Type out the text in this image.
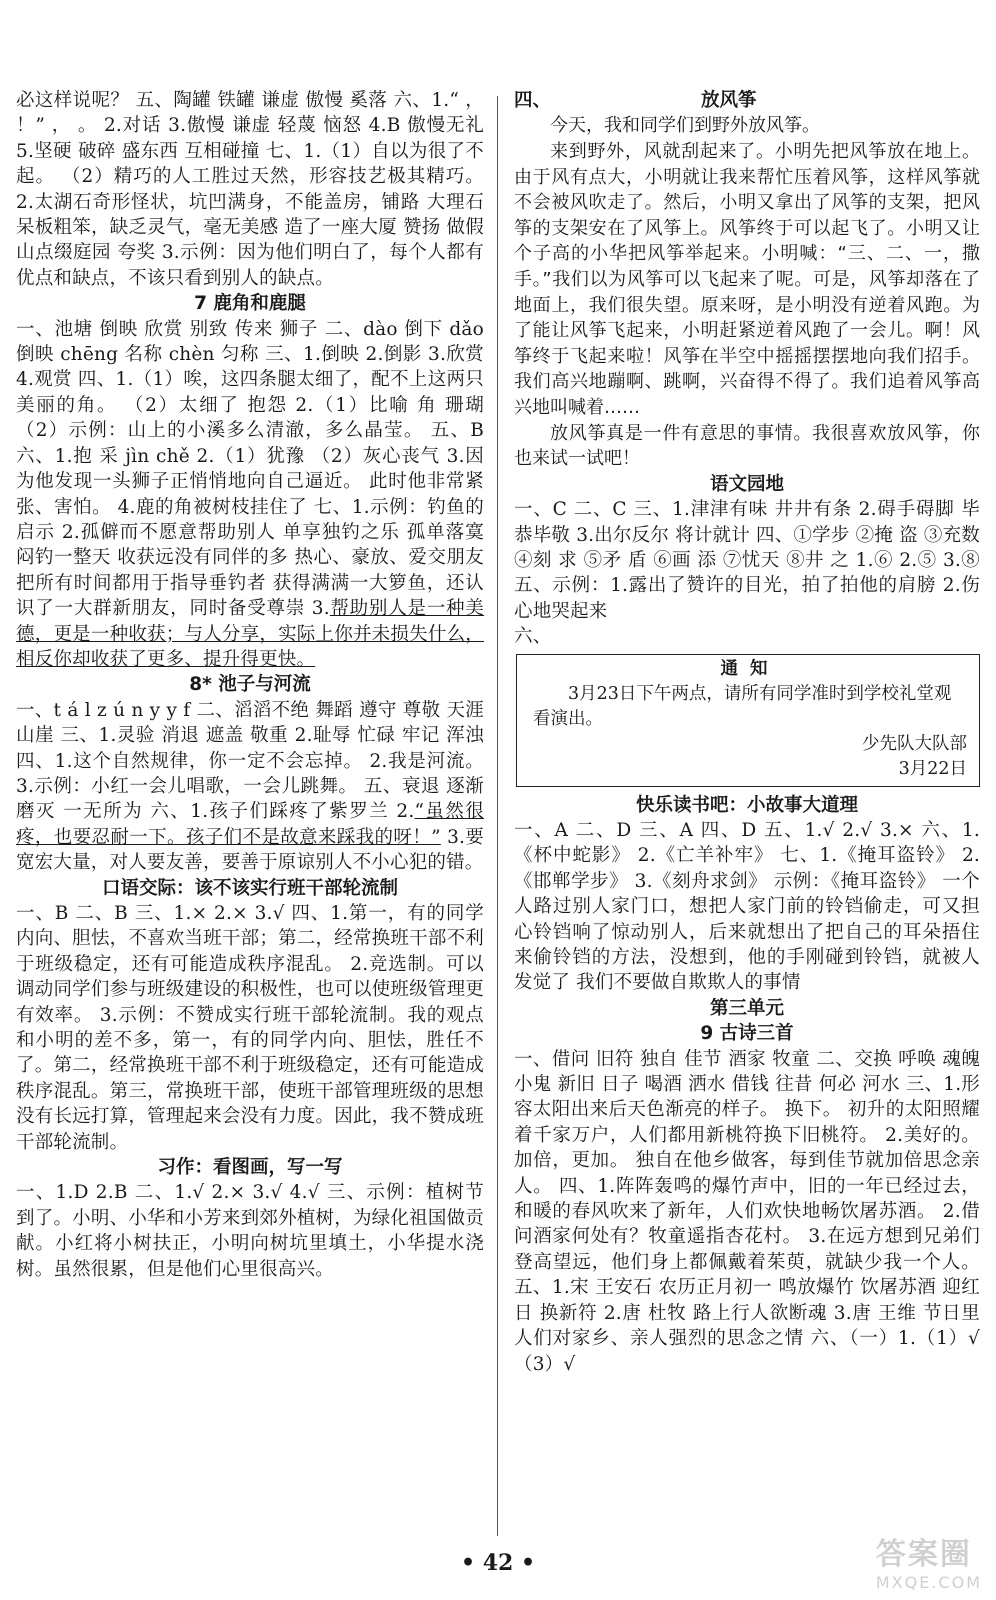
必这样说呢？ 五、陶罐 铁罐 谦虚 傲慢 奚落 六、1.“ ， ！” ， 。 2.对话 3.傲慢 谦虚 轻蔑 恼怒 4.B 傲慢无礼 5.坚硬 破碎 盛东西 互相碰撞 七、1.（1）自以为很了不起。 （2）精巧的人工胜过天然，形容技艺极其精巧。 2.太湖石奇形怪状，坑凹满身，不能盖房，铺路 大理石呆板粗笨，缺乏灵气，毫无美感 造了一座大厦 赞扬 做假山点缀庭园 夸奖 3.示例：因为他们明白了，每个人都有优点和缺点，不该只看到别人的缺点。

7 鹿角和鹿腿

一、池塘 倒映 欣赏 别致 传来 狮子 二、dào 倒下 dǎo 倒映 chēng 名称 chèn 匀称 三、1.倒映 2.倒影 3.欣赏 4.观赏 四、1.（1）唉，这四条腿太细了，配不上这两只美丽的角。 （2）太细了 抱怨 2.（1）比喻 角 珊瑚 （2）示例：山上的小溪多么清澈，多么晶莹。 五、B 六、1.抱 采 jìn chě 2.（1）犹豫 （2）灰心丧气 3.因为他发现一头狮子正悄悄地向自己逼近。 此时他非常紧张、害怕。 4.鹿的角被树枝挂住了 七、1.示例：钓鱼的启示 2.孤僻而不愿意帮助别人 单享独钓之乐 孤单落寞 闷钓一整天 收获远没有同伴的多 热心、豪放、爱交朋友 把所有时间都用于指导垂钓者 获得满满一大箩鱼，还认识了一大群新朋友，同时备受尊崇 3.帮助别人是一种美德，更是一种收获；与人分享，实际上你并未损失什么，相反你却收获了更多、提升得更快。

8* 池子与河流

一、t á l z ú n y y f 二、滔滔不绝 舞蹈 遵守 尊敬 天涯 山崖 三、1.灵验 消退 遮盖 敬重 2.耻辱 忙碌 牢记 浑浊 四、1.这个自然规律，你一定不会忘掉。 2.我是河流。 3.示例：小红一会儿唱歌，一会儿跳舞。 五、衰退 逐渐磨灭 一无所为 六、1.孩子们踩疼了紫罗兰 2.“虽然很疼，也要忍耐一下。孩子们不是故意来踩我的呀！” 3.要宽宏大量，对人要友善，要善于原谅别人不小心犯的错。

口语交际：该不该实行班干部轮流制

一、B 二、B 三、1.× 2.× 3.√ 四、1.第一，有的同学内向、胆怯，不喜欢当班干部；第二，经常换班干部不利于班级稳定，还有可能造成秩序混乱。 2.竞选制。可以调动同学们参与班级建设的积极性，也可以使班级管理更有效率。 3.示例：不赞成实行班干部轮流制。我的观点和小明的差不多，第一，有的同学内向、胆怯，胜任不了。第二，经常换班干部不利于班级稳定，还有可能造成秩序混乱。第三，常换班干部，使班干部管理班级的思想没有长远打算，管理起来会没有力度。因此，我不赞成班干部轮流制。

习作：看图画，写一写

一、1.D 2.B 二、1.√ 2.× 3.√ 4.√ 三、示例：植树节到了。小明、小华和小芳来到郊外植树，为绿化祖国做贡献。小红将小树扶正，小明向树坑里填土，小华提水浇树。虽然很累，但是他们心里很高兴。

四、	放风筝

今天，我和同学们到野外放风筝。

来到野外，风就刮起来了。小明先把风筝放在地上。由于风有点大，小明就让我来帮忙压着风筝，这样风筝就不会被风吹走了。然后，小明又拿出了风筝的支架，把风筝的支架安在了风筝上。风筝终于可以起飞了。小明又让个子高的小华把风筝举起来。小明喊：“三、二、一，撒手。”我们以为风筝可以飞起来了呢。可是，风筝却落在了地面上，我们很失望。原来呀，是小明没有逆着风跑。为了能让风筝飞起来，小明赶紧逆着风跑了一会儿。啊！风筝终于飞起来啦！风筝在半空中摇摇摆摆地向我们招手。我们高兴地蹦啊、跳啊，兴奋得不得了。我们追着风筝高兴地叫喊着……

放风筝真是一件有意思的事情。我很喜欢放风筝，你也来试一试吧！

语文园地

一、C 二、C 三、1.津津有味 井井有条 2.碍手碍脚 毕恭毕敬 3.出尔反尔 将计就计 四、①学步 ②掩 盗 ③充数 ④刻 求 ⑤矛 盾 ⑥画 添 ⑦忧天 ⑧井 之 1.⑥ 2.⑤ 3.⑧ 五、示例：1.露出了赞许的目光，拍了拍他的肩膀 2.伤心地哭起来

六、

通知
3月23日下午两点，请所有同学准时到学校礼堂观看演出。
少先队大队部
3月22日

快乐读书吧：小故事大道理

一、A 二、D 三、A 四、D 五、1.√ 2.√ 3.× 六、1.《杯中蛇影》 2.《亡羊补牢》 七、1.《掩耳盗铃》 2.《邯郸学步》 3.《刻舟求剑》 示例：《掩耳盗铃》 一个人路过别人家门口，想把人家门前的铃铛偷走，可又担心铃铛响了惊动别人，后来就想出了把自己的耳朵捂住来偷铃铛的方法，没想到，他的手刚碰到铃铛，就被人发觉了 我们不要做自欺欺人的事情

第三单元

9 古诗三首

一、借问 旧符 独自 佳节 酒家 牧童 二、交换 呼唤 魂魄 小鬼 新旧 日子 喝酒 洒水 借钱 往昔 何必 河水 三、1.形容太阳出来后天色渐亮的样子。 换下。 初升的太阳照耀着千家万户，人们都用新桃符换下旧桃符。 2.美好的。 加倍，更加。 独自在他乡做客，每到佳节就加倍思念亲人。 四、1.阵阵轰鸣的爆竹声中，旧的一年已经过去，和暖的春风吹来了新年，人们欢快地畅饮屠苏酒。 2.借问酒家何处有？牧童遥指杏花村。 3.在远方想到兄弟们登高望远，他们身上都佩戴着茱萸，就缺少我一个人。 五、1.宋 王安石 农历正月初一 鸣放爆竹 饮屠苏酒 迎红日 换新符 2.唐 杜牧 路上行人欲断魂 3.唐 王维 节日里人们对家乡、亲人强烈的思念之情 六、（一）1.（1）√ （3）√

• 42 •	答案圈
MXQE.COM
